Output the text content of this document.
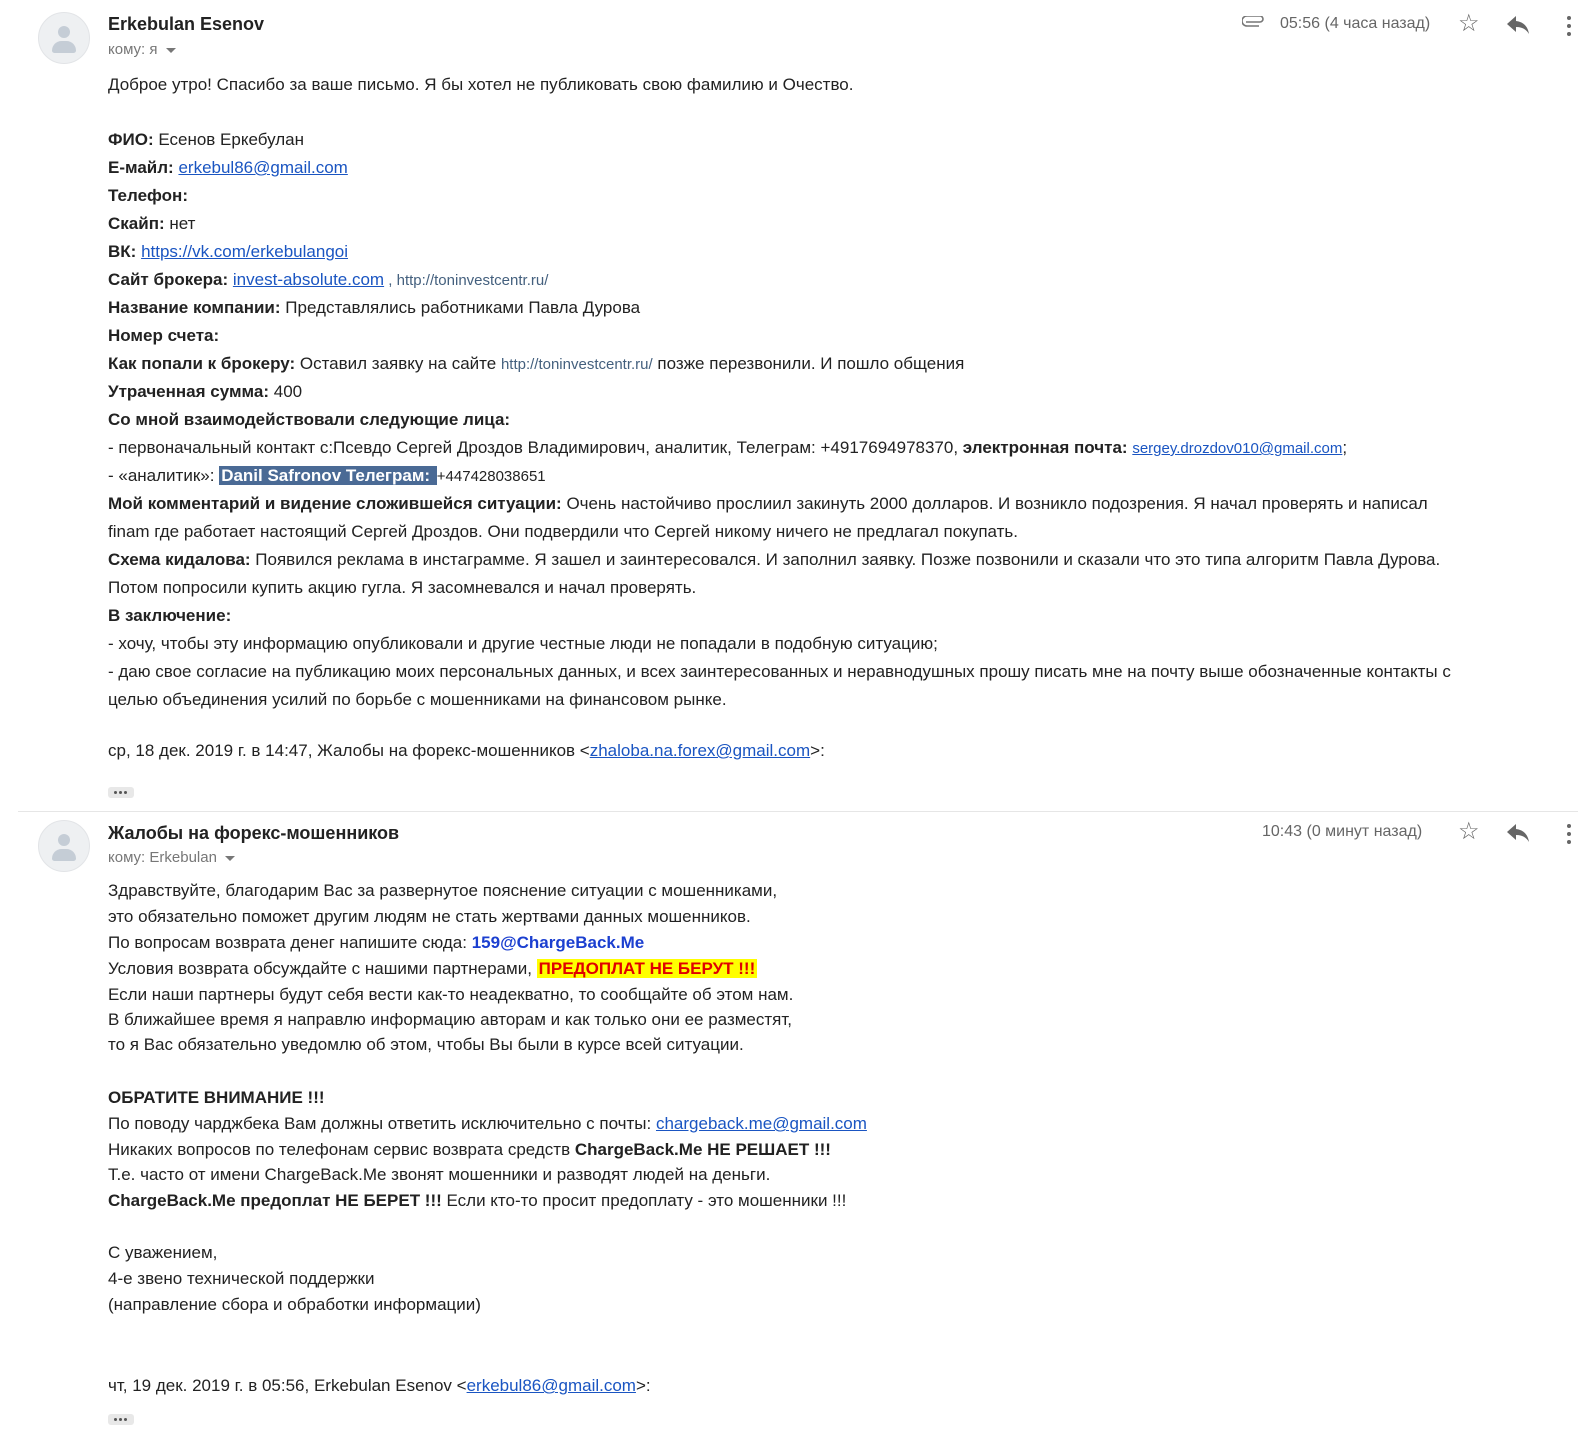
Erkebulan Esenov
кому: я
05:56 (4 часа назад) ☆
Доброе утро! Спасибо за ваше письмо. Я бы хотел не публиковать свою фамилию и Очество.
ФИО: Есенов Еркебулан
Е-майл: erkebul86@gmail.com
Телефон:
Скайп: нет
ВК: https://vk.com/erkebulangoi
Сайт брокера: invest-absolute.com , http://toninvestcentr.ru/
Название компании: Представлялись работниками Павла Дурова
Номер счета:
Как попали к брокеру: Оставил заявку на сайте http://toninvestcentr.ru/ позже перезвонили. И пошло общения
Утраченная сумма: 400
Со мной взаимодействовали следующие лица:
- первоначальный контакт с:Псевдо Сергей Дроздов Владимирович, аналитик, Телеграм: +4917694978370, электронная почта: sergey.drozdov010@gmail.com;
- «аналитик»: Danil Safronov Телеграм: +447428038651
Мой комментарий и видение сложившейся ситуации: Очень настойчиво прослиил закинуть 2000 долларов. И возникло подозрения. Я начал проверять и написал
finam где работает настоящий Сергей Дроздов. Они подвердили что Сергей никому ничего не предлагал покупать.
Схема кидалова: Появился реклама в инстаграмме. Я зашел и заинтересовался. И заполнил заявку. Позже позвонили и сказали что это типа алгоритм Павла Дурова.
Потом попросили купить акцию гугла. Я засомневался и начал проверять.
В заключение:
- хочу, чтобы эту информацию опубликовали и другие честные люди не попадали в подобную ситуацию;
- даю свое согласие на публикацию моих персональных данных, и всех заинтересованных и неравнодушных прошу писать мне на почту выше обозначенные контакты с
целью объединения усилий по борьбе с мошенниками на финансовом рынке.
ср, 18 дек. 2019 г. в 14:47, Жалобы на форекс-мошенников <zhaloba.na.forex@gmail.com>:
Жалобы на форекс-мошенников
кому: Erkebulan
10:43 (0 минут назад) ☆
Здравствуйте, благодарим Вас за развернутое пояснение ситуации с мошенниками,
это обязательно поможет другим людям не стать жертвами данных мошенников.
По вопросам возврата денег напишите сюда: 159@ChargeBack.Me
Условия возврата обсуждайте с нашими партнерами, ПРЕДОПЛАТ НЕ БЕРУТ !!!
Если наши партнеры будут себя вести как-то неадекватно, то сообщайте об этом нам.
В ближайшее время я направлю информацию авторам и как только они ее разместят,
то я Вас обязательно уведомлю об этом, чтобы Вы были в курсе всей ситуации.
ОБРАТИТЕ ВНИМАНИЕ !!!
По поводу чарджбека Вам должны ответить исключительно с почты: chargeback.me@gmail.com
Никаких вопросов по телефонам сервис возврата средств ChargeBack.Me НЕ РЕШАЕТ !!!
Т.е. часто от имени ChargeBack.Me звонят мошенники и разводят людей на деньги.
ChargeBack.Me предоплат НЕ БЕРЕТ !!! Если кто-то просит предоплату - это мошенники !!!
С уважением,
4-е звено технической поддержки
(направление сбора и обработки информации)
чт, 19 дек. 2019 г. в 05:56, Erkebulan Esenov <erkebul86@gmail.com>:
